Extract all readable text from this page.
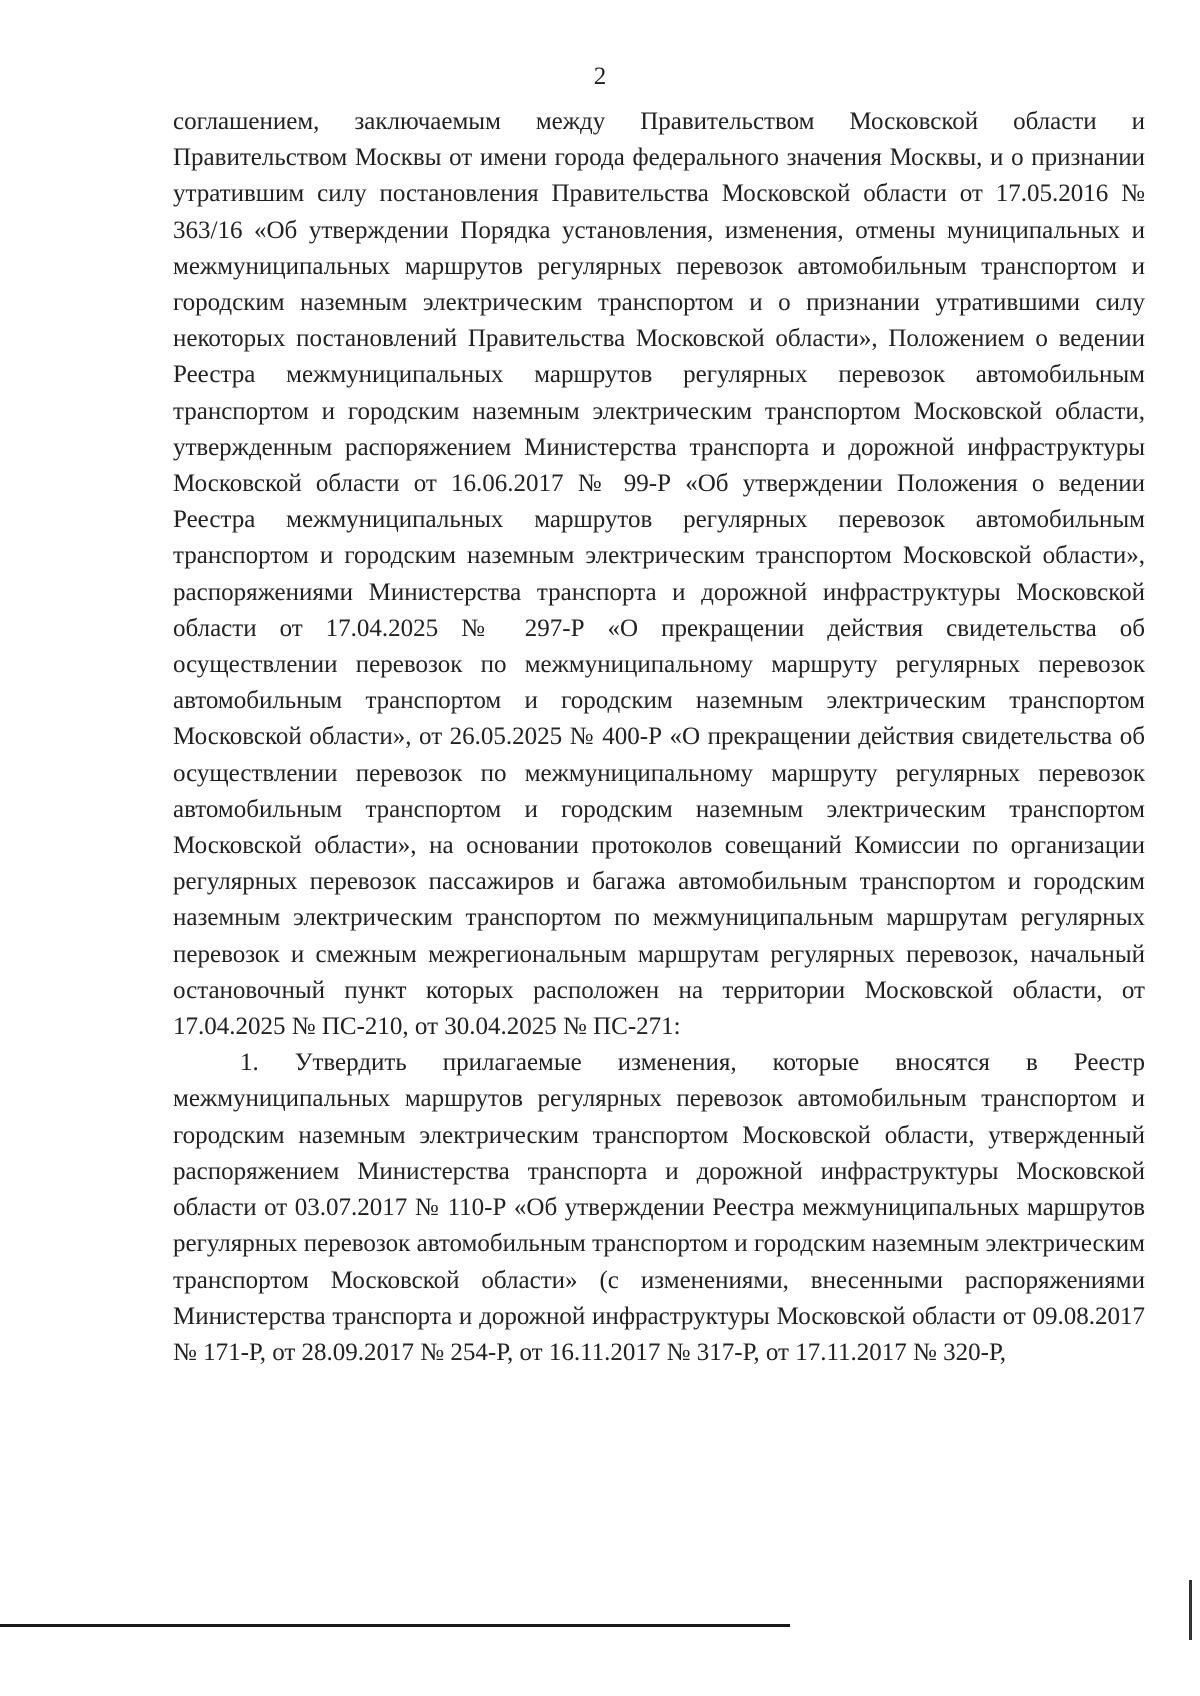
2

соглашением, заключаемым между Правительством Московской области и Правительством Москвы от имени города федерального значения Москвы, и о признании утратившим силу постановления Правительства Московской области от 17.05.2016 № 363/16 «Об утверждении Порядка установления, изменения, отмены муниципальных и межмуниципальных маршрутов регулярных перевозок автомобильным транспортом и городским наземным электрическим транспортом и о признании утратившими силу некоторых постановлений Правительства Московской области», Положением о ведении Реестра межмуниципальных маршрутов регулярных перевозок автомобильным транспортом и городским наземным электрическим транспортом Московской области, утвержденным распоряжением Министерства транспорта и дорожной инфраструктуры Московской области от 16.06.2017 № 99-Р «Об утверждении Положения о ведении Реестра межмуниципальных маршрутов регулярных перевозок автомобильным транспортом и городским наземным электрическим транспортом Московской области», распоряжениями Министерства транспорта и дорожной инфраструктуры Московской области от 17.04.2025 № 297-Р «О прекращении действия свидетельства об осуществлении перевозок по межмуниципальному маршруту регулярных перевозок автомобильным транспортом и городским наземным электрическим транспортом Московской области», от 26.05.2025 № 400-Р «О прекращении действия свидетельства об осуществлении перевозок по межмуниципальному маршруту регулярных перевозок автомобильным транспортом и городским наземным электрическим транспортом Московской области», на основании протоколов совещаний Комиссии по организации регулярных перевозок пассажиров и багажа автомобильным транспортом и городским наземным электрическим транспортом по межмуниципальным маршрутам регулярных перевозок и смежным межрегиональным маршрутам регулярных перевозок, начальный остановочный пункт которых расположен на территории Московской области, от 17.04.2025 № ПС-210, от 30.04.2025 № ПС-271:

1. Утвердить прилагаемые изменения, которые вносятся в Реестр межмуниципальных маршрутов регулярных перевозок автомобильным транспортом и городским наземным электрическим транспортом Московской области, утвержденный распоряжением Министерства транспорта и дорожной инфраструктуры Московской области от 03.07.2017 № 110-Р «Об утверждении Реестра межмуниципальных маршрутов регулярных перевозок автомобильным транспортом и городским наземным электрическим транспортом Московской области» (с изменениями, внесенными распоряжениями Министерства транспорта и дорожной инфраструктуры Московской области от 09.08.2017 № 171-Р, от 28.09.2017 № 254-Р, от 16.11.2017 № 317-Р, от 17.11.2017 № 320-Р,
